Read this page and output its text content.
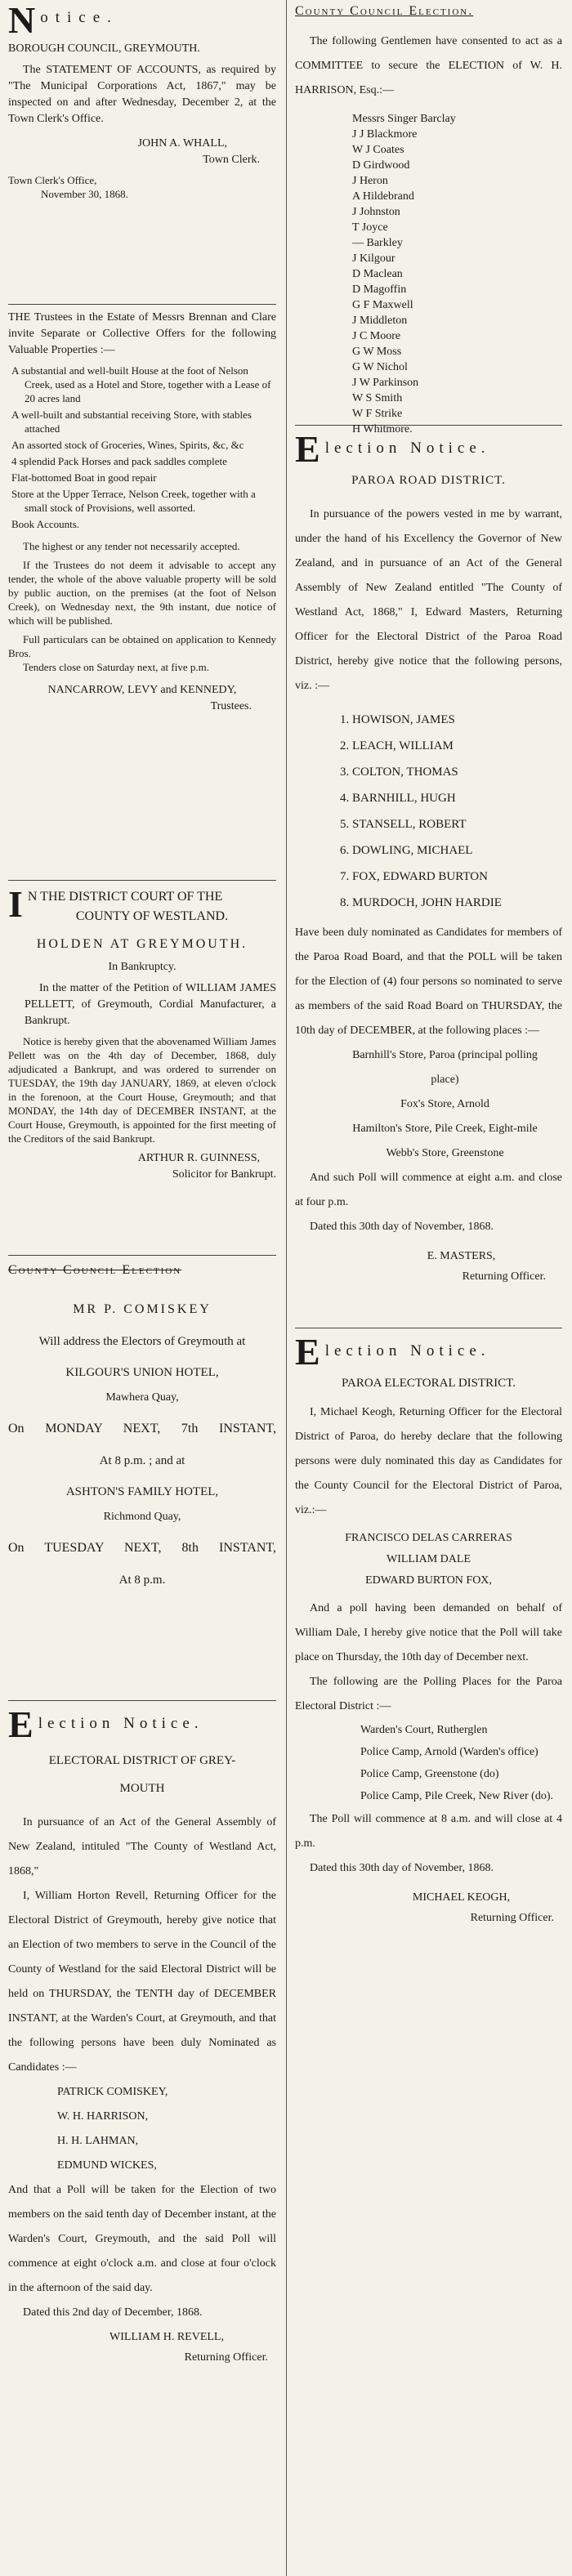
N otice.

BOROUGH COUNCIL, GREYMOUTH.

The STATEMENT OF ACCOUNTS, as required by "The Municipal Corporations Act, 1867," may be inspected on and after Wednesday, December 2, at the Town Clerk's Office.

JOHN A. WHALL,

Town Clerk.

Town Clerk's Office,

November 30, 1868.

THE Trustees in the Estate of Messrs Brennan and Clare invite Separate or Collective Offers for the following Valuable Properties :—

A substantial and well-built House at the foot of Nelson Creek, used as a Hotel and Store, together with a Lease of 20 acres land
A well-built and substantial receiving Store, with stables attached
An assorted stock of Groceries, Wines, Spirits, &c, &c
4 splendid Pack Horses and pack saddles complete
Flat-bottomed Boat in good repair
Store at the Upper Terrace, Nelson Creek, together with a small stock of Provisions, well assorted.
Book Accounts.

The highest or any tender not necessarily accepted.

If the Trustees do not deem it advisable to accept any tender, the whole of the above valuable property will be sold by public auction, on the premises (at the foot of Nelson Creek), on Wednesday next, the 9th instant, due notice of which will be published.

Full particulars can be obtained on application to Kennedy Bros.

Tenders close on Saturday next, at five p.m.

NANCARROW, LEVY and KENNEDY,

Trustees.

I N THE DISTRICT COURT OF THE

COUNTY OF WESTLAND.

HOLDEN AT GREYMOUTH.

In Bankruptcy.

In the matter of the Petition of WILLIAM JAMES PELLETT, of Greymouth, Cordial Manufacturer, a Bankrupt.

Notice is hereby given that the abovenamed William James Pellett was on the 4th day of December, 1868, duly adjudicated a Bankrupt, and was ordered to surrender on TUESDAY, the 19th day JANUARY, 1869, at eleven o'clock in the forenoon, at the Court House, Greymouth; and that MONDAY, the 14th day of DECEMBER INSTANT, at the Court House, Greymouth, is appointed for the first meeting of the Creditors of the said Bankrupt.

ARTHUR R. GUINNESS,

Solicitor for Bankrupt.

County Council Election

MR P. COMISKEY

Will address the Electors of Greymouth at

KILGOUR'S UNION HOTEL,

Mawhera Quay,

On MONDAY NEXT, 7th INSTANT,

At 8 p.m. ; and at

ASHTON'S FAMILY HOTEL,

Richmond Quay,

On TUESDAY NEXT, 8th INSTANT,

At 8 p.m.

E lection Notice.

ELECTORAL DISTRICT OF GREY-MOUTH

In pursuance of an Act of the General Assembly of New Zealand, intituled "The County of Westland Act, 1868,"

I, William Horton Revell, Returning Officer for the Electoral District of Greymouth, hereby give notice that an Election of two members to serve in the Council of the County of Westland for the said Electoral District will be held on THURSDAY, the TENTH day of DECEMBER INSTANT, at the Warden's Court, at Greymouth, and that the following persons have been duly Nominated as Candidates :—

PATRICK COMISKEY,
W. H. HARRISON,
H. H. LAHMAN,
EDMUND WICKES,

And that a Poll will be taken for the Election of two members on the said tenth day of December instant, at the Warden's Court, Greymouth, and the said Poll will commence at eight o'clock a.m. and close at four o'clock in the afternoon of the said day.

Dated this 2nd day of December, 1868.

WILLIAM H. REVELL,

Returning Officer.

County Council Election.

The following Gentlemen have consented to act as a COMMITTEE to secure the ELECTION of W. H. HARRISON, Esq.:—

Messrs Singer Barclay
J J Blackmore
W J Coates
D Girdwood
J Heron
A Hildebrand
J Johnston
T Joyce
— Barkley
J Kilgour
D Maclean
D Magoffin
G F Maxwell
J Middleton
J C Moore
G W Moss
G W Nichol
J W Parkinson
W S Smith
W F Strike
H Whitmore.
E lection Notice.

PAROA ROAD DISTRICT.

In pursuance of the powers vested in me by warrant, under the hand of his Excellency the Governor of New Zealand, and in pursuance of an Act of the General Assembly of New Zealand entitled "The County of Westland Act, 1868," I, Edward Masters, Returning Officer for the Electoral District of the Paroa Road District, hereby give notice that the following persons, viz. :—

1. HOWISON, JAMES
2. LEACH, WILLIAM
3. COLTON, THOMAS
4. BARNHILL, HUGH
5. STANSELL, ROBERT
6. DOWLING, MICHAEL
7. FOX, EDWARD BURTON
8. MURDOCH, JOHN HARDIE

Have been duly nominated as Candidates for members of the Paroa Road Board, and that the POLL will be taken for the Election of (4) four persons so nominated to serve as members of the said Road Board on THURSDAY, the 10th day of DECEMBER, at the following places :—

Barnhill's Store, Paroa (principal polling place)
Fox's Store, Arnold
Hamilton's Store, Pile Creek, Eight-mile
Webb's Store, Greenstone

And such Poll will commence at eight a.m. and close at four p.m.

Dated this 30th day of November, 1868.

E. MASTERS,

Returning Officer.

E lection Notice.

PAROA ELECTORAL DISTRICT.

I, Michael Keogh, Returning Officer for the Electoral District of Paroa, do hereby declare that the following persons were duly nominated this day as Candidates for the County Council for the Electoral District of Paroa, viz.:—

FRANCISCO DELAS CARRERAS
WILLIAM DALE
EDWARD BURTON FOX,

And a poll having been demanded on behalf of William Dale, I hereby give notice that the Poll will take place on Thursday, the 10th day of December next.

The following are the Polling Places for the Paroa Electoral District :—

Warden's Court, Rutherglen
Police Camp, Arnold (Warden's office)
Police Camp, Greenstone (do)
Police Camp, Pile Creek, New River (do).

The Poll will commence at 8 a.m. and will close at 4 p.m.

Dated this 30th day of November, 1868.

MICHAEL KEOGH,

Returning Officer.
